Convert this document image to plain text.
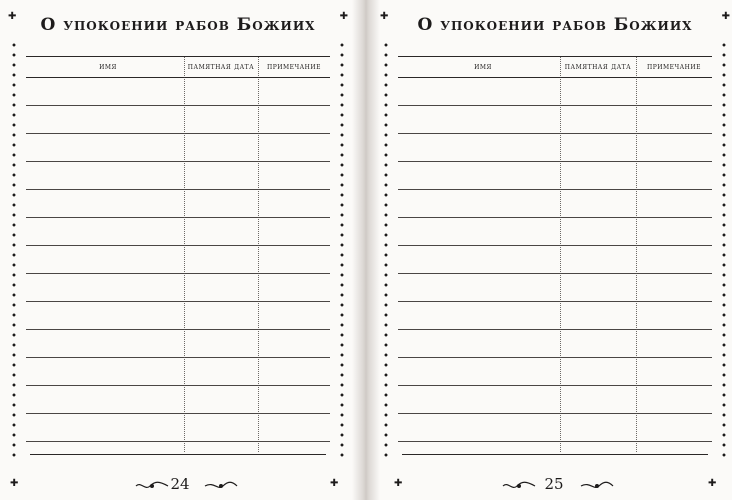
✚	✚
О упокоении рабов Божиих
имя	памятная дата	примечание
24
✚	✚
✚	✚
О упокоении рабов Божиих
имя	памятная дата	примечание
25
✚	✚
